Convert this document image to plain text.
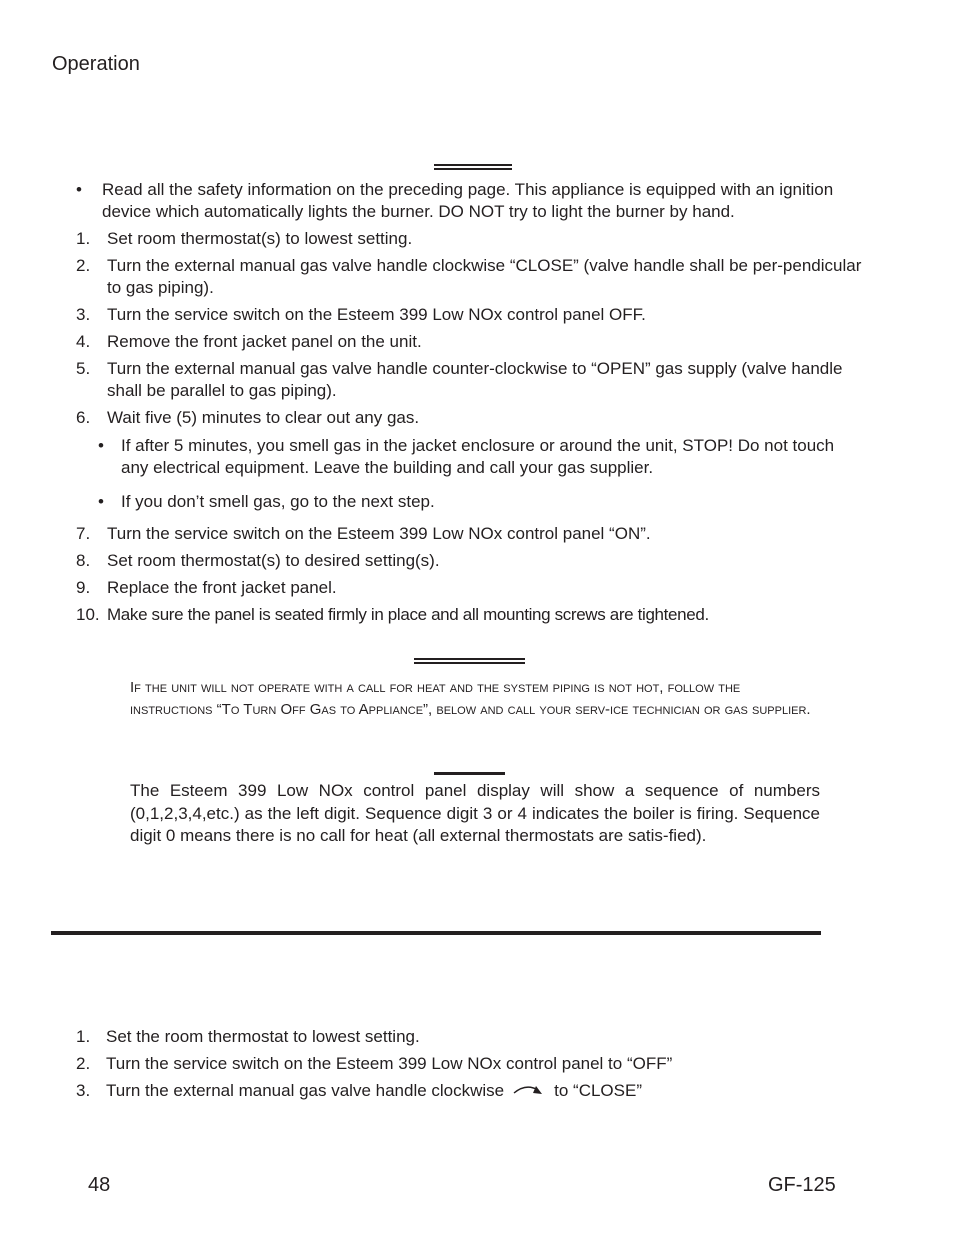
Operation
• Read all the safety information on the preceding page. This appliance is equipped with an ignition device which automatically lights the burner. DO NOT try to light the burner by hand.
1. Set room thermostat(s) to lowest setting.
2. Turn the external manual gas valve handle clockwise “CLOSE” (valve handle shall be per-pendicular to gas piping).
3. Turn the service switch on the Esteem 399 Low NOx control panel OFF.
4. Remove the front jacket panel on the unit.
5. Turn the external manual gas valve handle counter-clockwise to “OPEN” gas supply (valve handle shall be parallel to gas piping).
6. Wait five (5) minutes to clear out any gas.
• If after 5 minutes, you smell gas in the jacket enclosure or around the unit, STOP! Do not touch any electrical equipment. Leave the building and call your gas supplier.
• If you don’t smell gas, go to the next step.
7. Turn the service switch on the Esteem 399 Low NOx control panel “ON”.
8. Set room thermostat(s) to desired setting(s).
9. Replace the front jacket panel.
10. Make sure the panel is seated firmly in place and all mounting screws are tightened.
If the unit will not operate with a call for heat and the system piping is not hot, follow the instructions “To Turn Off Gas to Appliance”, below and call your serv-ice technician or gas supplier.
The Esteem 399 Low NOx control panel display will show a sequence of numbers (0,1,2,3,4,etc.) as the left digit. Sequence digit 3 or 4 indicates the boiler is firing. Sequence digit 0 means there is no call for heat (all external thermostats are satis-fied).
1. Set the room thermostat to lowest setting.
2. Turn the service switch on the Esteem 399 Low NOx control panel to “OFF”
3. Turn the external manual gas valve handle clockwise	to “CLOSE”
48	GF-125
